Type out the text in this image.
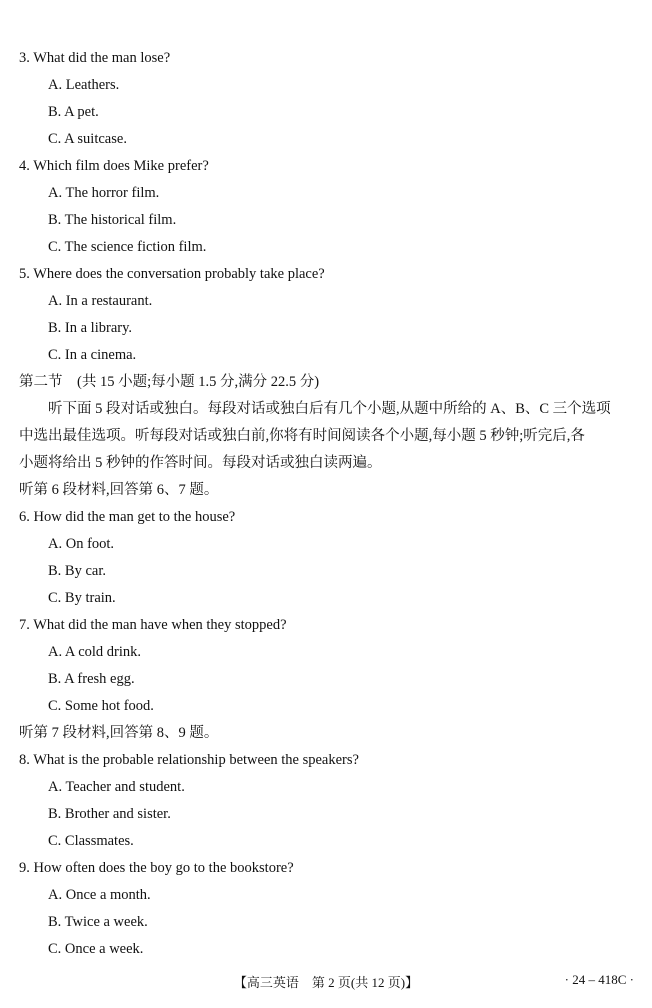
3. What did the man lose?
A. Leathers.
B. A pet.
C. A suitcase.
4. Which film does Mike prefer?
A. The horror film.
B. The historical film.
C. The science fiction film.
5. Where does the conversation probably take place?
A. In a restaurant.
B. In a library.
C. In a cinema.
第二节　(共 15 小题;每小题 1.5 分,满分 22.5 分)
听下面 5 段对话或独白。每段对话或独白后有几个小题,从题中所给的 A、B、C 三个选项
中选出最佳选项。听每段对话或独白前,你将有时间阅读各个小题,每小题 5 秒钟;听完后,各
小题将给出 5 秒钟的作答时间。每段对话或独白读两遍。
听第 6 段材料,回答第 6、7 题。
6. How did the man get to the house?
A. On foot.
B. By car.
C. By train.
7. What did the man have when they stopped?
A. A cold drink.
B. A fresh egg.
C. Some hot food.
听第 7 段材料,回答第 8、9 题。
8. What is the probable relationship between the speakers?
A. Teacher and student.
B. Brother and sister.
C. Classmates.
9. How often does the boy go to the bookstore?
A. Once a month.
B. Twice a week.
C. Once a week.
【高三英语　第 2 页(共 12 页)】	· 24 – 418C ·
